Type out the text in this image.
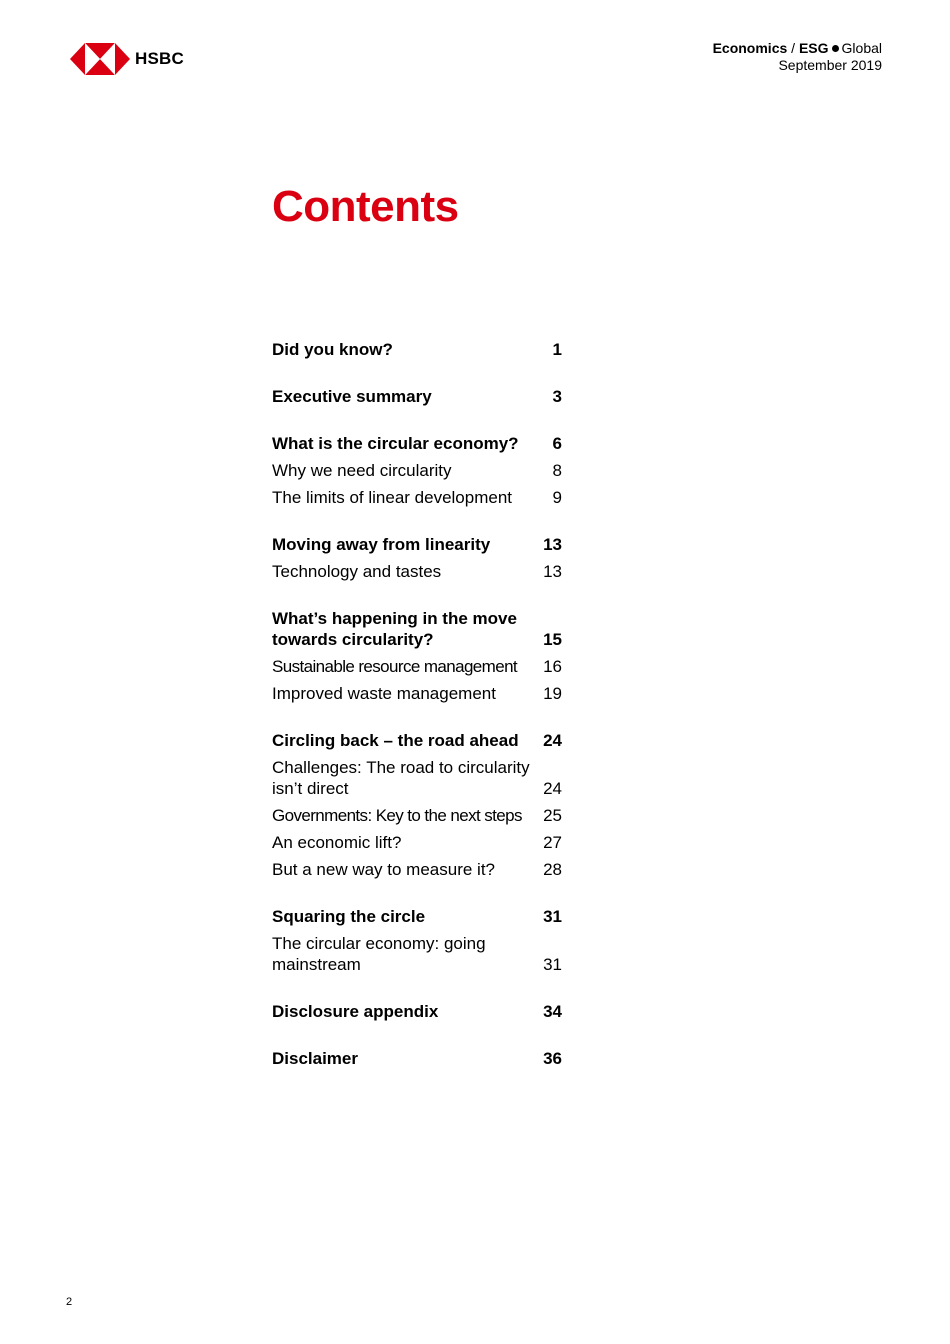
HSBC
Economics / ESG Global
September 2019
Contents
Did you know?	1
Executive summary	3
What is the circular economy?	6
Why we need circularity	8
The limits of linear development	9
Moving away from linearity	13
Technology and tastes	13
What’s happening in the move towards circularity?	15
Sustainable resource management	16
Improved waste management	19
Circling back – the road ahead	24
Challenges: The road to circularity isn’t direct	24
Governments: Key to the next steps	25
An economic lift?	27
But a new way to measure it?	28
Squaring the circle	31
The circular economy: going mainstream	31
Disclosure appendix	34
Disclaimer	36
2
